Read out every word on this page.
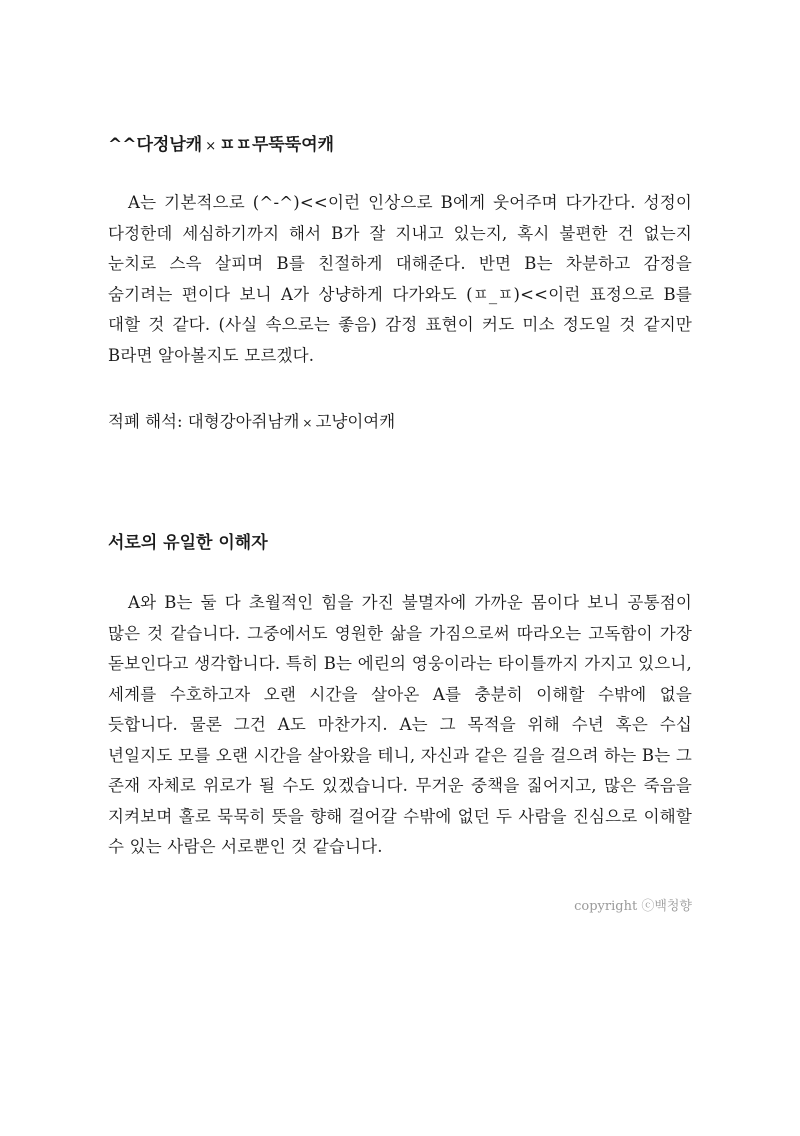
^^다정남캐 × ㅍㅍ무뚝뚝여캐

A는 기본적으로 (^-^)<<이런 인상으로 B에게 웃어주며 다가간다. 성정이 다정한데 세심하기까지 해서 B가 잘 지내고 있는지, 혹시 불편한 건 없는지 눈치로 스윽 살피며 B를 친절하게 대해준다. 반면 B는 차분하고 감정을 숨기려는 편이다 보니 A가 상냥하게 다가와도 (ㅍ_ㅍ)<<이런 표정으로 B를 대할 것 같다. (사실 속으로는 좋음) 감정 표현이 커도 미소 정도일 것 같지만 B라면 알아볼지도 모르겠다.

적폐 해석: 대형강아쥐남캐 × 고냥이여캐
서로의 유일한 이해자

A와 B는 둘 다 초월적인 힘을 가진 불멸자에 가까운 몸이다 보니 공통점이 많은 것 같습니다. 그중에서도 영원한 삶을 가짐으로써 따라오는 고독함이 가장 돋보인다고 생각합니다. 특히 B는 에린의 영웅이라는 타이틀까지 가지고 있으니, 세계를 수호하고자 오랜 시간을 살아온 A를 충분히 이해할 수밖에 없을 듯합니다. 물론 그건 A도 마찬가지. A는 그 목적을 위해 수년 혹은 수십 년일지도 모를 오랜 시간을 살아왔을 테니, 자신과 같은 길을 걸으려 하는 B는 그 존재 자체로 위로가 될 수도 있겠습니다. 무거운 중책을 짊어지고, 많은 죽음을 지켜보며 홀로 묵묵히 뜻을 향해 걸어갈 수밖에 없던 두 사람을 진심으로 이해할 수 있는 사람은 서로뿐인 것 같습니다.

copyright ⓒ백청향
